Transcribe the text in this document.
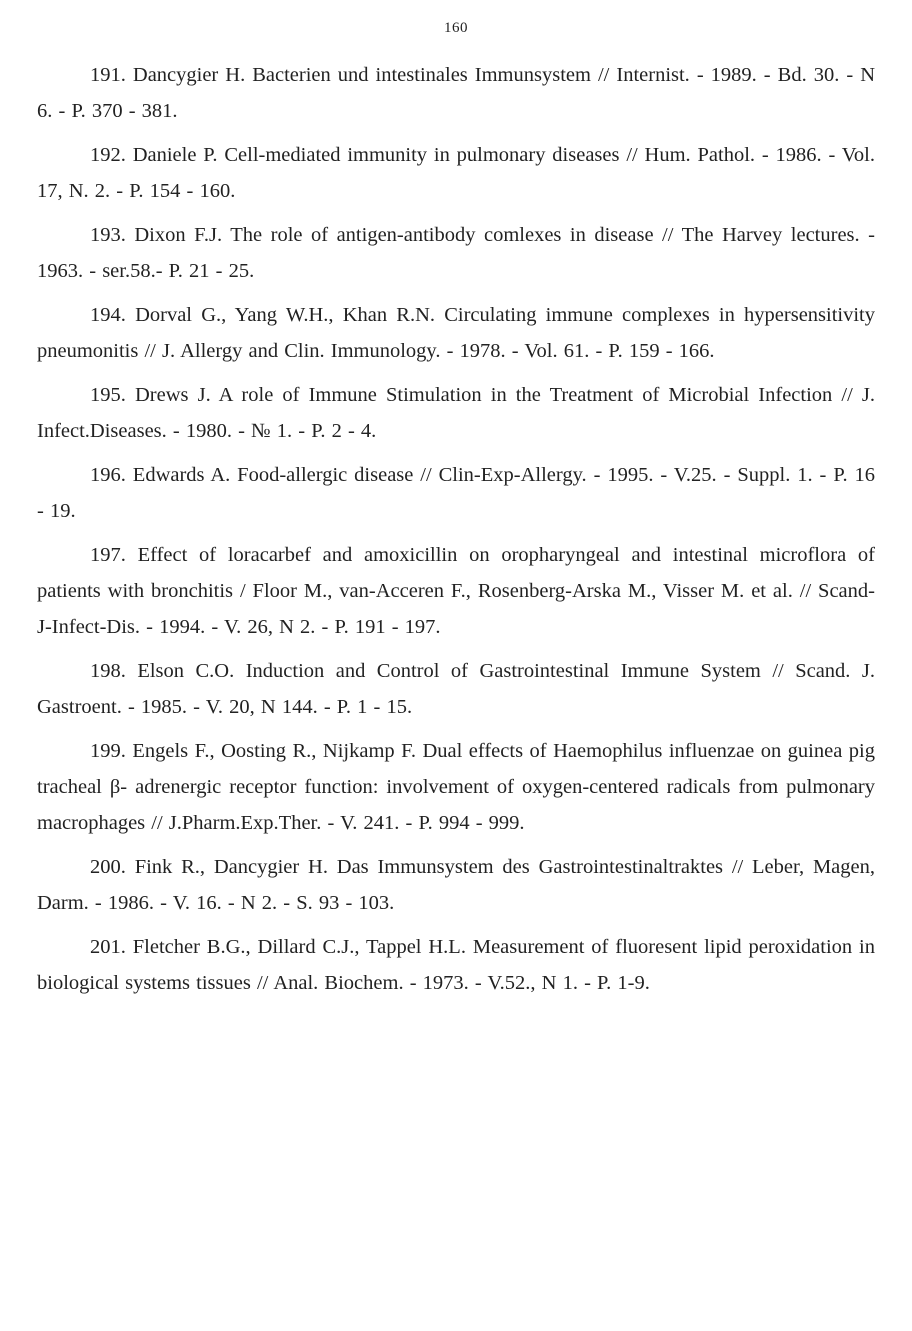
160

191. Dancygier H. Bacterien und intestinales Immunsystem // Internist. - 1989. - Bd. 30. - N 6. - P. 370 - 381.

192. Daniele P. Cell-mediated immunity in pulmonary diseases // Hum. Pathol. - 1986. - Vol. 17, N. 2. - P. 154 - 160.

193. Dixon F.J. The role of antigen-antibody comlexes in disease // The Harvey lectures. - 1963. - ser.58.- P. 21 - 25.

194. Dorval G., Yang W.H., Khan R.N. Circulating immune complexes in hypersensitivity pneumonitis // J. Allergy and Clin. Immunology. - 1978. - Vol. 61. - P. 159 - 166.

195. Drews J. A role of Immune Stimulation in the Treatment of Microbial Infection // J. Infect.Diseases. - 1980. - № 1. - P. 2 - 4.

196. Edwards A. Food-allergic disease // Clin-Exp-Allergy. - 1995. - V.25. - Suppl. 1. - P. 16 - 19.

197. Effect of loracarbef and amoxicillin on oropharyngeal and intestinal microflora of patients with bronchitis / Floor M., van-Acceren F., Rosenberg-Arska M., Visser M. et al. // Scand-J-Infect-Dis. - 1994. - V. 26, N 2. - P. 191 - 197.

198. Elson C.O. Induction and Control of Gastrointestinal Immune System // Scand. J. Gastroent. - 1985. - V. 20, N 144. - P. 1 - 15.

199. Engels F., Oosting R., Nijkamp F. Dual effects of Haemophilus influenzae on guinea pig tracheal β- adrenergic receptor function: involvement of oxygen-centered radicals from pulmonary macrophages // J.Pharm.Exp.Ther. - V. 241. - P. 994 - 999.

200. Fink R., Dancygier H. Das Immunsystem des Gastrointestinaltraktes // Leber, Magen, Darm. - 1986. - V. 16. - N 2. - S. 93 - 103.

201. Fletcher B.G., Dillard C.J., Tappel H.L. Measurement of fluoresent lipid peroxidation in biological systems tissues // Anal. Biochem. - 1973. - V.52., N 1. - P. 1-9.
